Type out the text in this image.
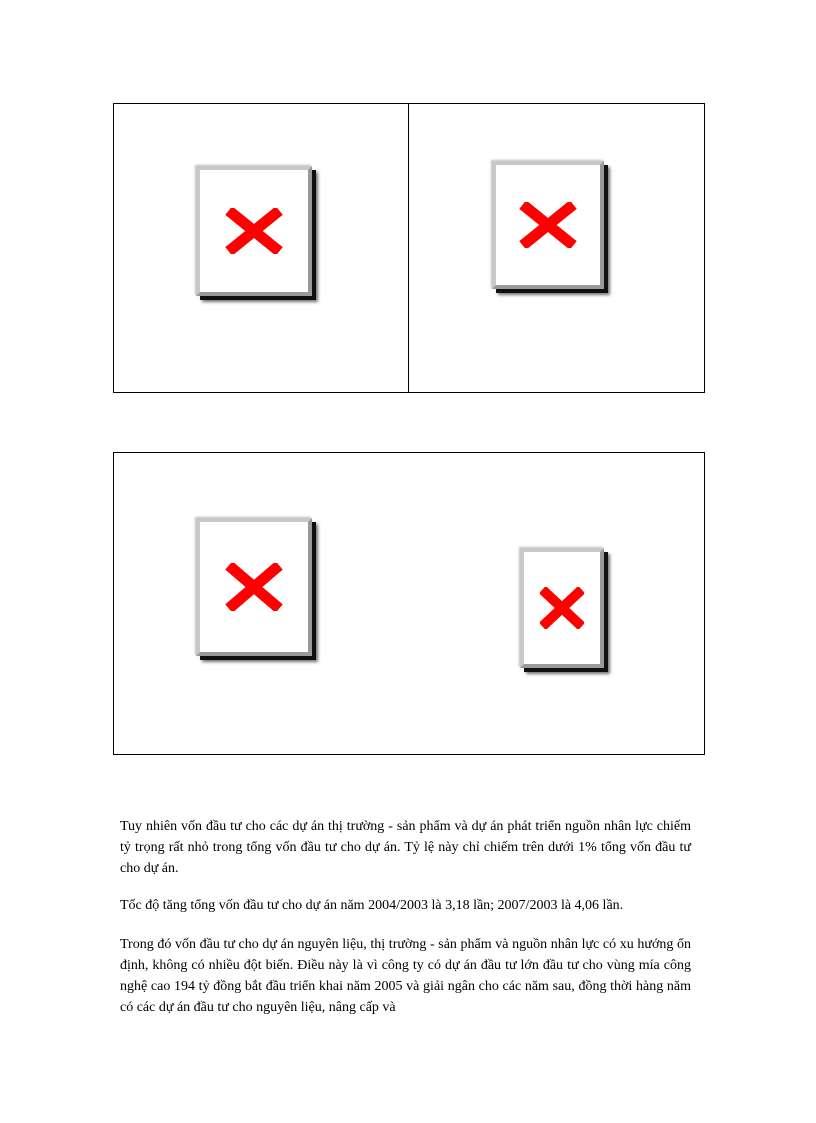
Tuy nhiên vốn đầu tư cho các dự án thị trường - sản phẩm và dự án phát triển nguồn nhân lực chiếm tỷ trọng rất nhỏ trong tổng vốn đầu tư cho dự án. Tỷ lệ này chỉ chiếm trên dưới 1% tổng vốn đầu tư cho dự án.

Tốc độ tăng tổng vốn đầu tư cho dự án năm 2004/2003 là 3,18 lần; 2007/2003 là 4,06 lần.

Trong đó vốn đầu tư cho dự án nguyên liệu, thị trường - sản phẩm và nguồn nhân lực có xu hướng ổn định, không có nhiều đột biến. Điều này là vì công ty có dự án đầu tư lớn đầu tư cho vùng mía công nghệ cao 194 tỷ đồng bắt đầu triển khai năm 2005 và giải ngân cho các năm sau, đồng thời hàng năm có các dự án đầu tư cho nguyên liệu, nâng cấp và
